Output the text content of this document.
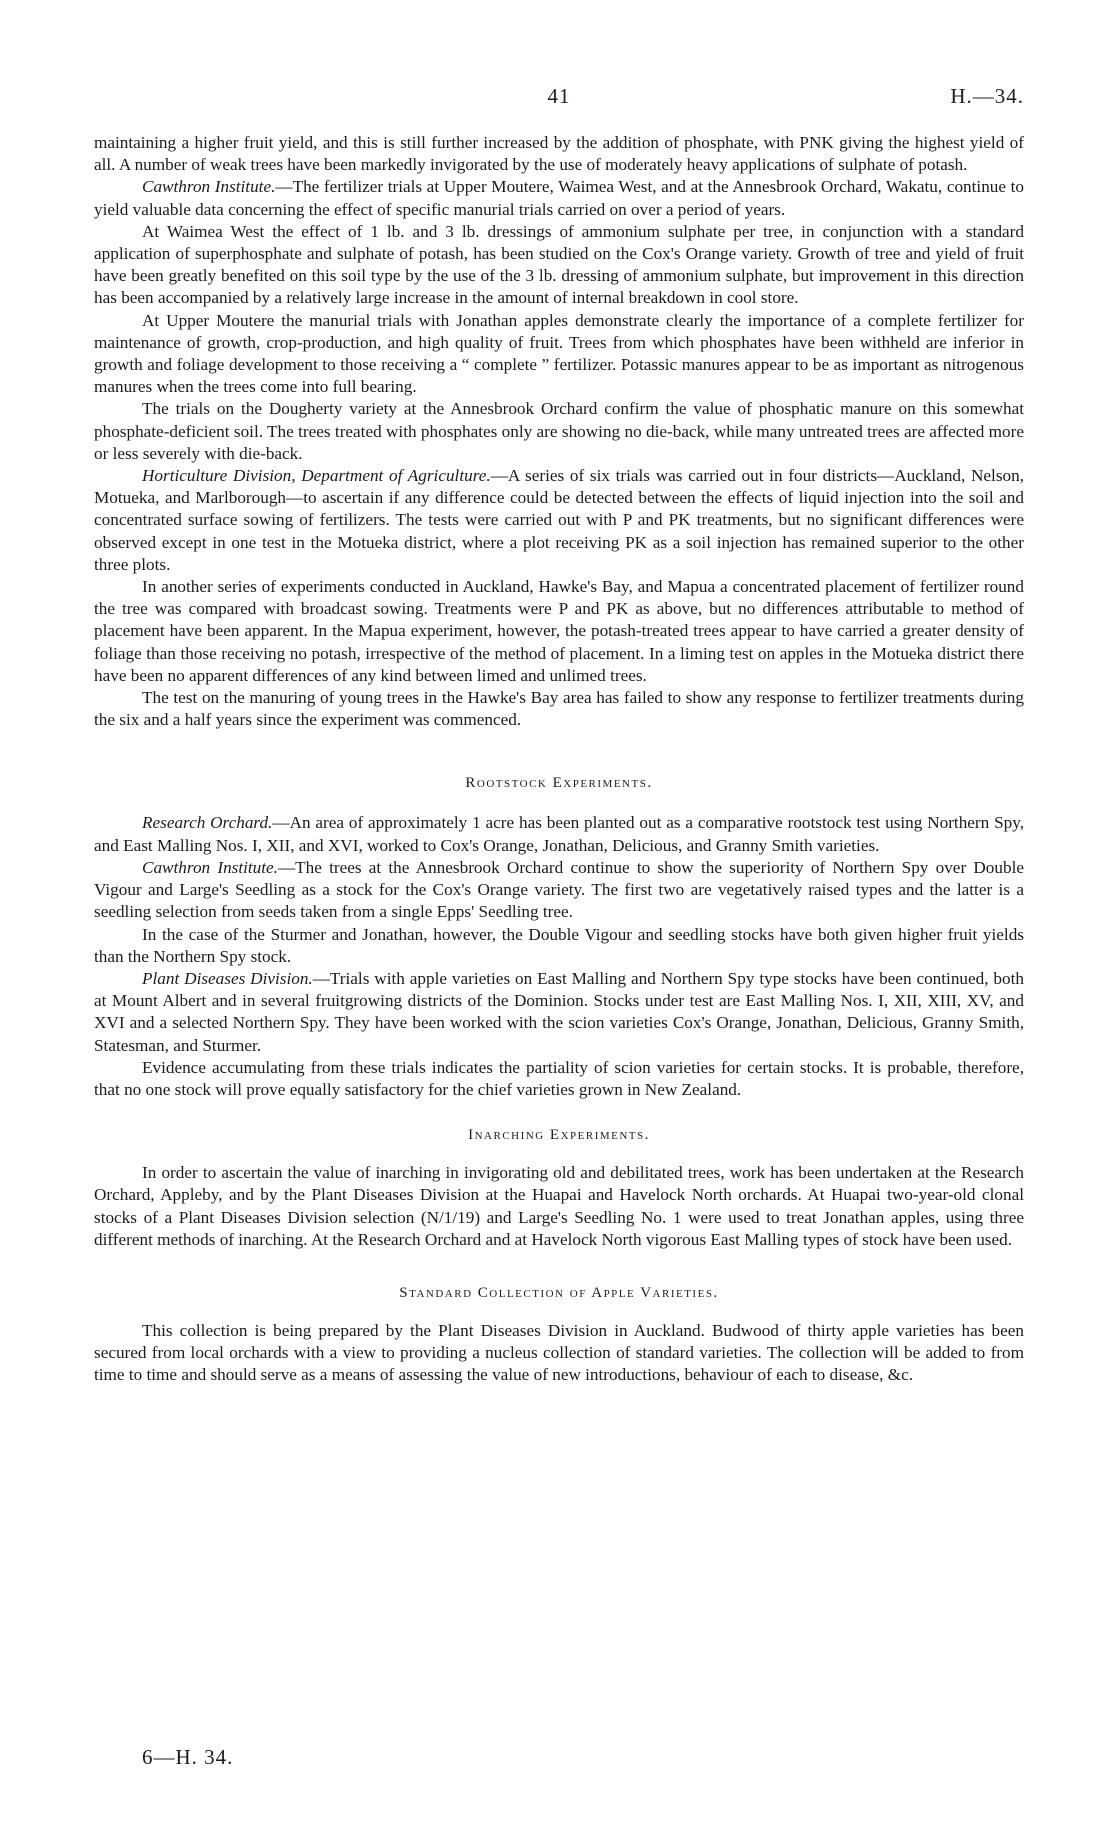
41	H.—34.

maintaining a higher fruit yield, and this is still further increased by the addition of phosphate, with PNK giving the highest yield of all. A number of weak trees have been markedly invigorated by the use of moderately heavy applications of sulphate of potash.

Cawthron Institute.—The fertilizer trials at Upper Moutere, Waimea West, and at the Annesbrook Orchard, Wakatu, continue to yield valuable data concerning the effect of specific manurial trials carried on over a period of years.

At Waimea West the effect of 1 lb. and 3 lb. dressings of ammonium sulphate per tree, in conjunction with a standard application of superphosphate and sulphate of potash, has been studied on the Cox's Orange variety. Growth of tree and yield of fruit have been greatly benefited on this soil type by the use of the 3 lb. dressing of ammonium sulphate, but improvement in this direction has been accompanied by a relatively large increase in the amount of internal breakdown in cool store.

At Upper Moutere the manurial trials with Jonathan apples demonstrate clearly the importance of a complete fertilizer for maintenance of growth, crop-production, and high quality of fruit. Trees from which phosphates have been withheld are inferior in growth and foliage development to those receiving a “ complete ” fertilizer. Potassic manures appear to be as important as nitrogenous manures when the trees come into full bearing.

The trials on the Dougherty variety at the Annesbrook Orchard confirm the value of phosphatic manure on this somewhat phosphate-deficient soil. The trees treated with phosphates only are showing no die-back, while many untreated trees are affected more or less severely with die-back.

Horticulture Division, Department of Agriculture.—A series of six trials was carried out in four districts—Auckland, Nelson, Motueka, and Marlborough—to ascertain if any difference could be detected between the effects of liquid injection into the soil and concentrated surface sowing of fertilizers. The tests were carried out with P and PK treatments, but no significant differences were observed except in one test in the Motueka district, where a plot receiving PK as a soil injection has remained superior to the other three plots.

In another series of experiments conducted in Auckland, Hawke's Bay, and Mapua a concentrated placement of fertilizer round the tree was compared with broadcast sowing. Treatments were P and PK as above, but no differences attributable to method of placement have been apparent. In the Mapua experiment, however, the potash-treated trees appear to have carried a greater density of foliage than those receiving no potash, irrespective of the method of placement. In a liming test on apples in the Motueka district there have been no apparent differences of any kind between limed and unlimed trees.

The test on the manuring of young trees in the Hawke's Bay area has failed to show any response to fertilizer treatments during the six and a half years since the experiment was commenced.

Rootstock Experiments.

Research Orchard.—An area of approximately 1 acre has been planted out as a comparative rootstock test using Northern Spy, and East Malling Nos. I, XII, and XVI, worked to Cox's Orange, Jonathan, Delicious, and Granny Smith varieties.

Cawthron Institute.—The trees at the Annesbrook Orchard continue to show the superiority of Northern Spy over Double Vigour and Large's Seedling as a stock for the Cox's Orange variety. The first two are vegetatively raised types and the latter is a seedling selection from seeds taken from a single Epps' Seedling tree.

In the case of the Sturmer and Jonathan, however, the Double Vigour and seedling stocks have both given higher fruit yields than the Northern Spy stock.

Plant Diseases Division.—Trials with apple varieties on East Malling and Northern Spy type stocks have been continued, both at Mount Albert and in several fruitgrowing districts of the Dominion. Stocks under test are East Malling Nos. I, XII, XIII, XV, and XVI and a selected Northern Spy. They have been worked with the scion varieties Cox's Orange, Jonathan, Delicious, Granny Smith, Statesman, and Sturmer.

Evidence accumulating from these trials indicates the partiality of scion varieties for certain stocks. It is probable, therefore, that no one stock will prove equally satisfactory for the chief varieties grown in New Zealand.

Inarching Experiments.

In order to ascertain the value of inarching in invigorating old and debilitated trees, work has been undertaken at the Research Orchard, Appleby, and by the Plant Diseases Division at the Huapai and Havelock North orchards. At Huapai two-year-old clonal stocks of a Plant Diseases Division selection (N/1/19) and Large's Seedling No. 1 were used to treat Jonathan apples, using three different methods of inarching. At the Research Orchard and at Havelock North vigorous East Malling types of stock have been used.

Standard Collection of Apple Varieties.

This collection is being prepared by the Plant Diseases Division in Auckland. Budwood of thirty apple varieties has been secured from local orchards with a view to providing a nucleus collection of standard varieties. The collection will be added to from time to time and should serve as a means of assessing the value of new introductions, behaviour of each to disease, &c.

6—H. 34.
